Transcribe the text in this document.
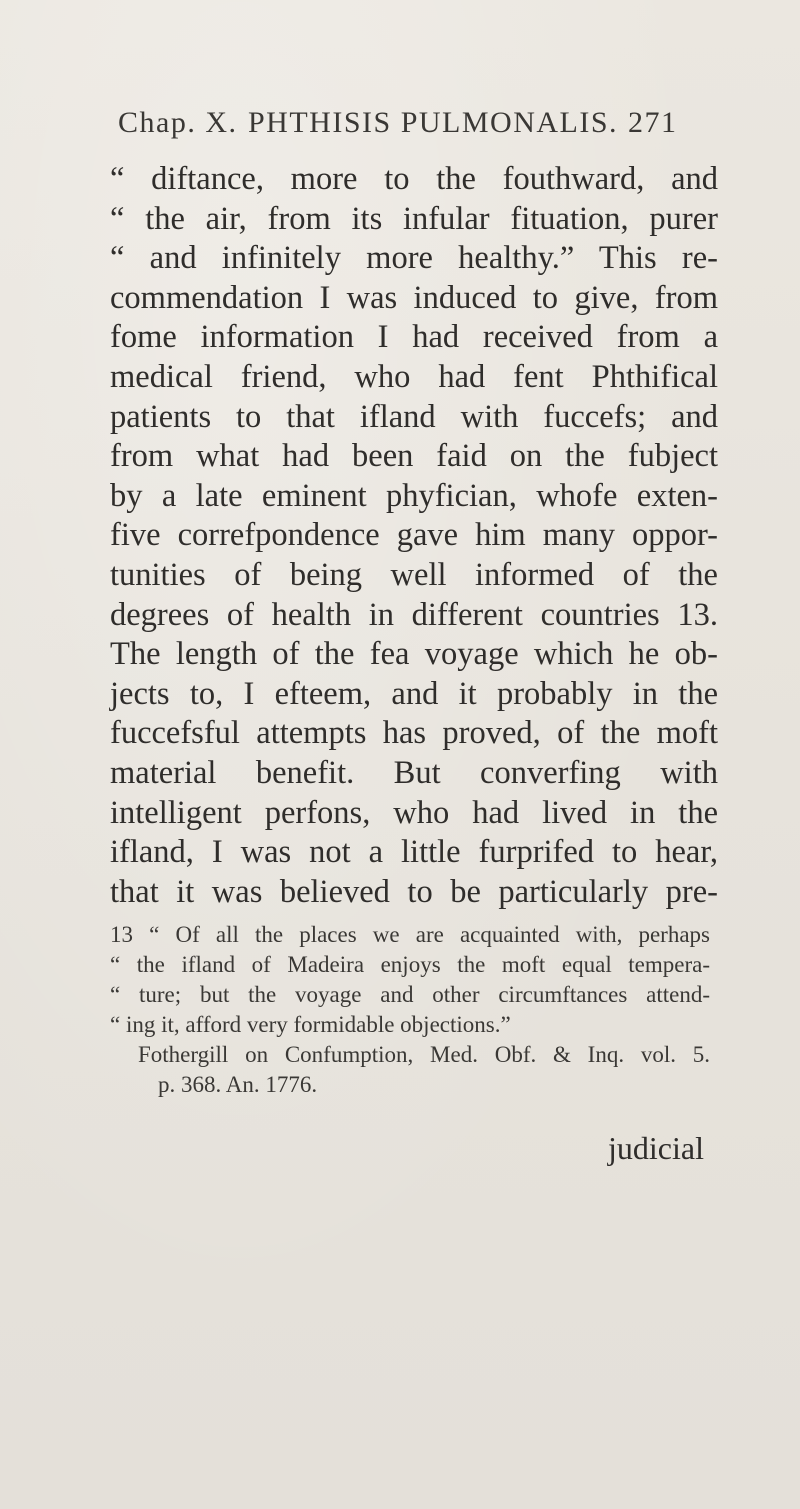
Chap. X. PHTHISIS PULMONALIS. 271
“ diftance, more to the fouthward, and
“ the air, from its infular fituation, purer
“ and infinitely more healthy.” This re-
commendation I was induced to give, from
fome information I had received from a
medical friend, who had fent Phthifical
patients to that ifland with fuccefs; and
from what had been faid on the fubject
by a late eminent phyfician, whofe exten-
five correfpondence gave him many oppor-
tunities of being well informed of the
degrees of health in different countries 13.
The length of the fea voyage which he ob-
jects to, I efteem, and it probably in the
fuccefsful attempts has proved, of the moft
material benefit. But converfing with
intelligent perfons, who had lived in the
ifland, I was not a little furprifed to hear,
that it was believed to be particularly pre-
13 “ Of all the places we are acquainted with, perhaps
“ the ifland of Madeira enjoys the moft equal tempera-
“ ture; but the voyage and other circumftances attend-
“ ing it, afford very formidable objections.”
Fothergill on Confumption, Med. Obf. & Inq. vol. 5.
p. 368. An. 1776.
judicial
